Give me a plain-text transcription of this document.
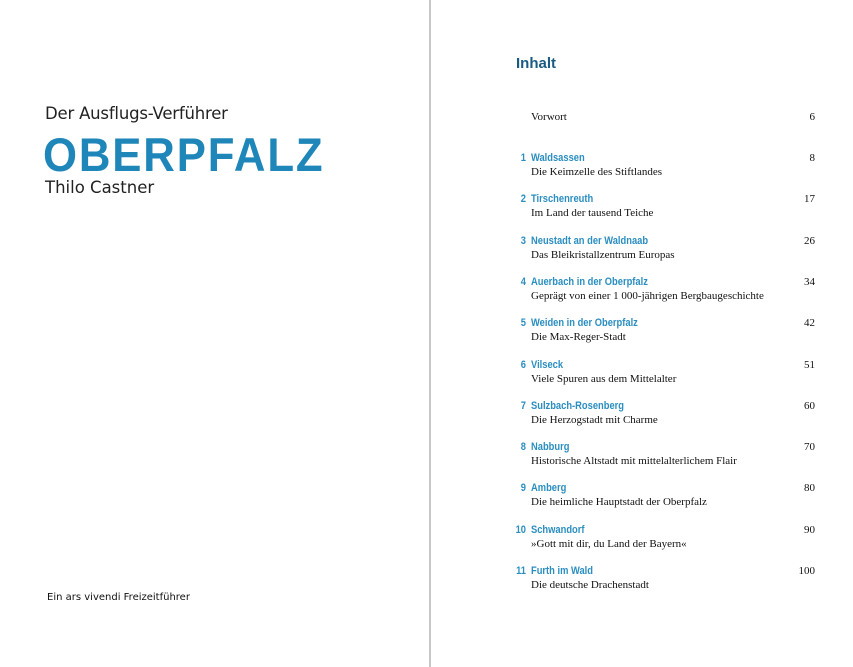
Der Ausflugs-Verführer
OBERPFALZ
Thilo Castner
Ein ars vivendi Freizeitführer
Inhalt
Vorwort	6
1 Waldsassen
Die Keimzelle des Stiftlandes
8
2 Tirschenreuth
Im Land der tausend Teiche
17
3 Neustadt an der Waldnaab
Das Bleikristallzentrum Europas
26
4 Auerbach in der Oberpfalz
Geprägt von einer 1 000-jährigen Bergbaugeschichte
34
5 Weiden in der Oberpfalz
Die Max-Reger-Stadt
42
6 Vilseck
Viele Spuren aus dem Mittelalter
51
7 Sulzbach-Rosenberg
Die Herzogstadt mit Charme
60
8 Nabburg
Historische Altstadt mit mittelalterlichem Flair
70
9 Amberg
Die heimliche Hauptstadt der Oberpfalz
80
10 Schwandorf
»Gott mit dir, du Land der Bayern«
90
11 Furth im Wald
Die deutsche Drachenstadt
100
